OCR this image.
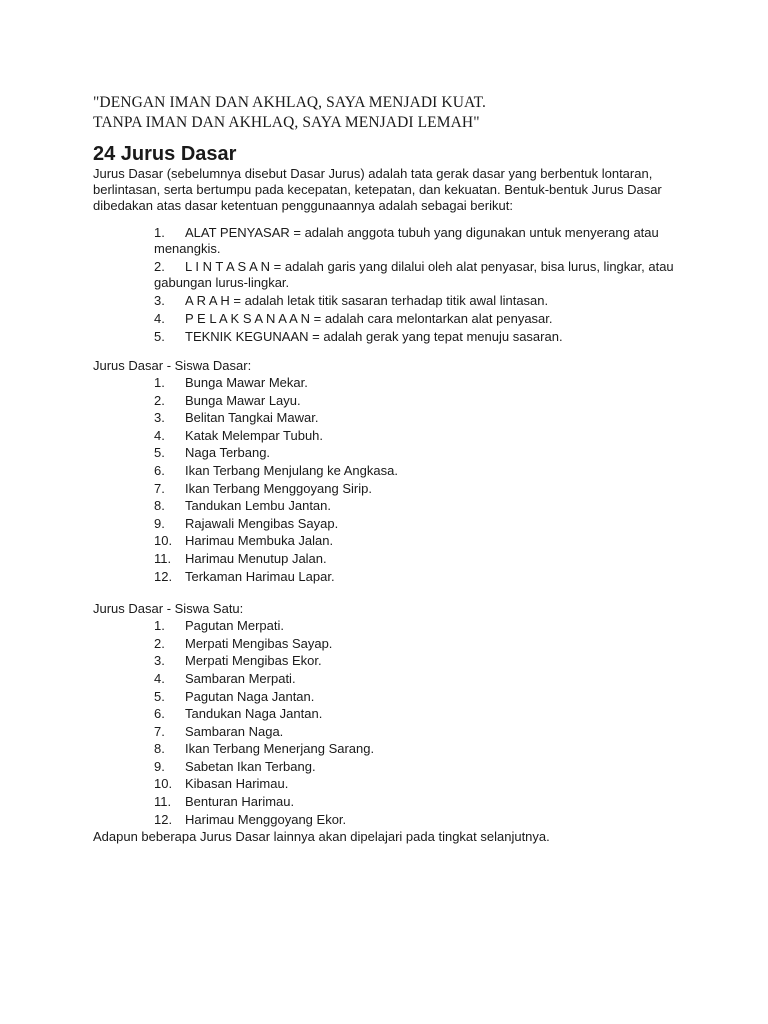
"DENGAN IMAN DAN AKHLAQ, SAYA MENJADI KUAT.
TANPA IMAN DAN AKHLAQ, SAYA MENJADI LEMAH"
24 Jurus Dasar
Jurus Dasar (sebelumnya disebut Dasar Jurus) adalah tata gerak dasar yang berbentuk lontaran, berlintasan, serta bertumpu pada kecepatan, ketepatan, dan kekuatan. Bentuk-bentuk Jurus Dasar dibedakan atas dasar ketentuan penggunaannya adalah sebagai berikut:
1. ALAT PENYASAR = adalah anggota tubuh yang digunakan untuk menyerang atau menangkis.
2. L I N T A S A N = adalah garis yang dilalui oleh alat penyasar, bisa lurus, lingkar, atau gabungan lurus-lingkar.
3. A R A H = adalah letak titik sasaran terhadap titik awal lintasan.
4. P E L A K S A N A A N = adalah cara melontarkan alat penyasar.
5. TEKNIK KEGUNAAN = adalah gerak yang tepat menuju sasaran.
Jurus Dasar - Siswa Dasar:
1. Bunga Mawar Mekar.
2. Bunga Mawar Layu.
3. Belitan Tangkai Mawar.
4. Katak Melempar Tubuh.
5. Naga Terbang.
6. Ikan Terbang Menjulang ke Angkasa.
7. Ikan Terbang Menggoyang Sirip.
8. Tandukan Lembu Jantan.
9. Rajawali Mengibas Sayap.
10. Harimau Membuka Jalan.
11. Harimau Menutup Jalan.
12. Terkaman Harimau Lapar.
Jurus Dasar - Siswa Satu:
1. Pagutan Merpati.
2. Merpati Mengibas Sayap.
3. Merpati Mengibas Ekor.
4. Sambaran Merpati.
5. Pagutan Naga Jantan.
6. Tandukan Naga Jantan.
7. Sambaran Naga.
8. Ikan Terbang Menerjang Sarang.
9. Sabetan Ikan Terbang.
10. Kibasan Harimau.
11. Benturan Harimau.
12. Harimau Menggoyang Ekor.
Adapun beberapa Jurus Dasar lainnya akan dipelajari pada tingkat selanjutnya.
